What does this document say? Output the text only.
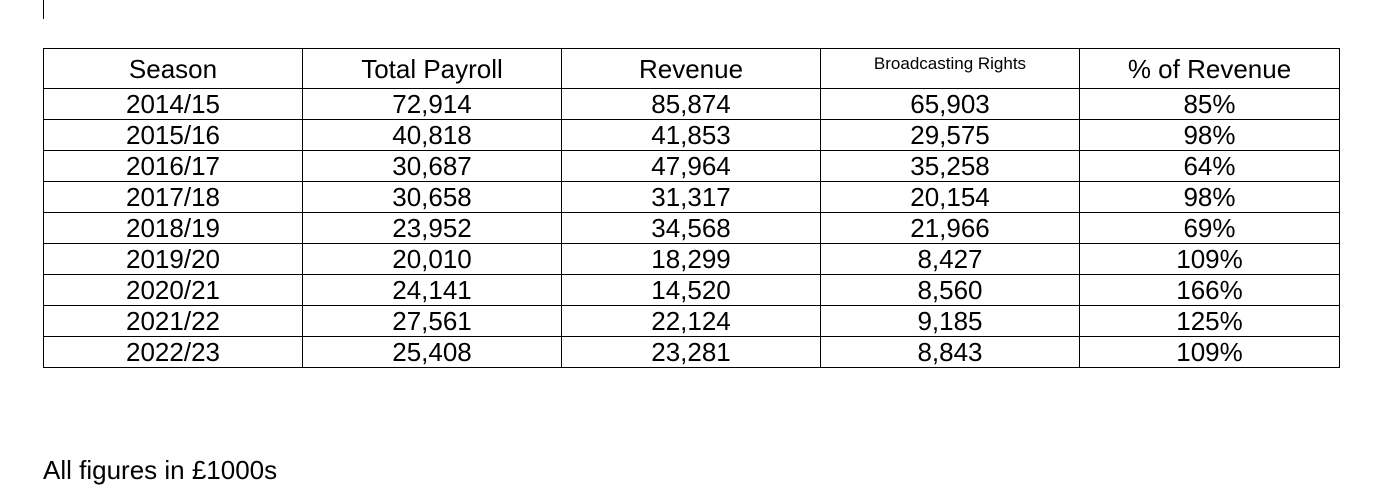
Season	Total Payroll	Revenue	Broadcasting Rights	% of Revenue
2014/15	72,914	85,874	65,903	85%
2015/16	40,818	41,853	29,575	98%
2016/17	30,687	47,964	35,258	64%
2017/18	30,658	31,317	20,154	98%
2018/19	23,952	34,568	21,966	69%
2019/20	20,010	18,299	8,427	109%
2020/21	24,141	14,520	8,560	166%
2021/22	27,561	22,124	9,185	125%
2022/23	25,408	23,281	8,843	109%
All figures in £1000s
